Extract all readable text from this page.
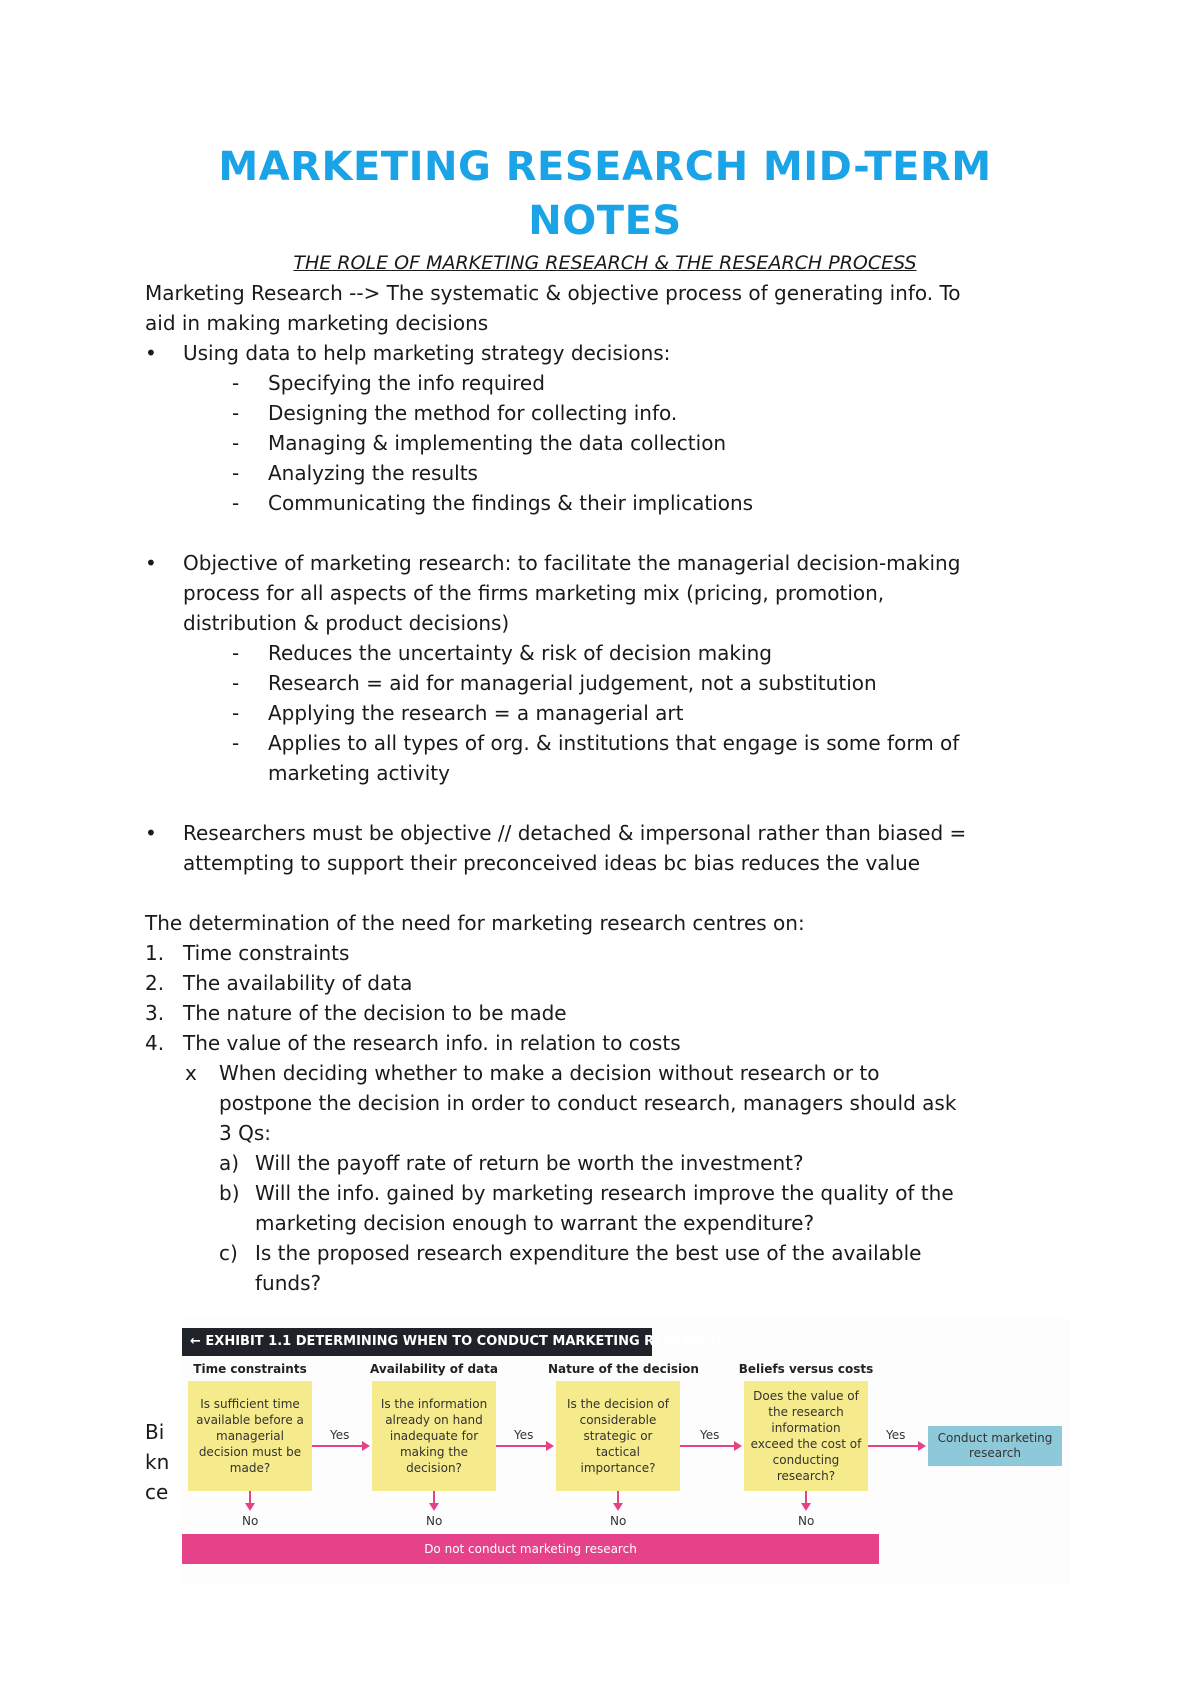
MARKETING RESEARCH MID-TERM
NOTES

THE ROLE OF MARKETING RESEARCH & THE RESEARCH PROCESS

Marketing Research --> The systematic & objective process of generating info. To

aid in making marketing decisions

• Using data to help marketing strategy decisions:
- Specifying the info required
- Designing the method for collecting info.
- Managing & implementing the data collection
- Analyzing the results
- Communicating the findings & their implications
• Objective of marketing research: to facilitate the managerial decision-making
process for all aspects of the firms marketing mix (pricing, promotion,
distribution & product decisions)
- Reduces the uncertainty & risk of decision making
- Research = aid for managerial judgement, not a substitution
- Applying the research = a managerial art
- Applies to all types of org. & institutions that engage is some form of
marketing activity
• Researchers must be objective // detached & impersonal rather than biased =
attempting to support their preconceived ideas bc bias reduces the value

The determination of the need for marketing research centres on:

1. Time constraints
2. The availability of data
3. The nature of the decision to be made
4. The value of the research info. in relation to costs
x When deciding whether to make a decision without research or to
postpone the decision in order to conduct research, managers should ask
3 Qs:
a) Will the payoff rate of return be worth the investment?
b) Will the info. gained by marketing research improve the quality of the
marketing decision enough to warrant the expenditure?
c) Is the proposed research expenditure the best use of the available
funds?
Bi
kn
ce
← EXHIBIT 1.1 DETERMINING WHEN TO CONDUCT MARKETING RESEARCH
Time constraints	Availability of data	Nature of the decision	Beliefs versus costs
Is sufficient time available before a managerial decision must be made?
Is the information already on hand inadequate for making the decision?
Is the decision of considerable strategic or tactical importance?
Does the value of the research information exceed the cost of conducting research?
Conduct marketing research
Yes	Yes	Yes	Yes
No	No	No	No
Do not conduct marketing research
